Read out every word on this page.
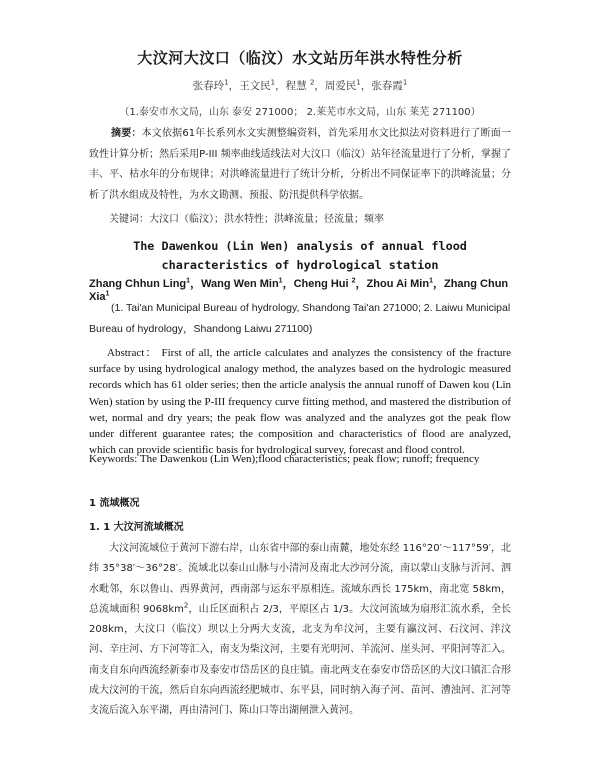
大汶河大汶口（临汶）水文站历年洪水特性分析
张春玲$^1$，王文民$^1$，程慧 $^2$，周爱民$^1$，张春霞$^1$
（1.泰安市水文局，山东 泰安 271000； 2.莱芜市水文局，山东 莱芜 271100）
摘要：本文依据61年长系列水文实测整编资料，首先采用水文比拟法对资料进行了断面一致性计算分析；然后采用P-III 频率曲线适线法对大汶口（临汶）站年径流量进行了分析，掌握了丰、平、枯水年的分布规律；对洪峰流量进行了统计分析，分析出不同保证率下的洪峰流量；分析了洪水组成及特性，为水文勘测、预报、防汛提供科学依据。
关键词：大汶口（临汶）；洪水特性；洪峰流量；径流量；频率
The Dawenkou (Lin Wen) analysis of annual flood characteristics of hydrological station
Zhang Chhun Ling$^1$，Wang Wen Min$^1$，Cheng Hui $^2$，Zhou Ai Min$^1$，Zhang Chun Xia$^1$
(1. Tai'an Municipal Bureau of hydrology, Shandong Tai'an 271000; 2. Laiwu Municipal Bureau of hydrology，Shandong Laiwu 271100)
Abstract： First of all, the article calculates and analyzes the consistency of the fracture surface by using hydrological analogy method, the analyzes based on the hydrologic measured records which has 61 older series; then the article analysis the annual runoff of Dawen kou (Lin Wen) station by using the P-III frequency curve fitting method, and mastered the distribution of wet, normal and dry years; the peak flow was analyzed and the analyzes got the peak flow under different guarantee rates; the composition and characteristics of flood are analyzed, which can provide scientific basis for hydrological survey, forecast and flood control.
Keywords: The Dawenkou (Lin Wen);flood characteristics; peak flow; runoff; frequency
1 流域概况
1. 1 大汶河流域概况
大汶河流域位于黄河下游右岸，山东省中部的泰山南麓，地处东经 116°20′～117°59′，北纬 35°38′～36°28′。流域北以泰山山脉与小清河及南北大沙河分流，南以蒙山支脉与沂河、泗水毗邻，东以鲁山、西界黄河，西南部与运东平原相连。流域东西长 175km，南北宽 58km，总流域面积 $9068km^2$，山丘区面积占 2/3，平原区占 1/3。大汶河流域为扇形汇流水系，全长 208km，大汶口（临汶）坝以上分两大支流，北支为牟汶河，主要有瀛汶河、石汶河、泮汶河、辛庄河、方下河等汇入，南支为柴汶河，主要有光明河、羊流河、崖头河、平阳河等汇入。南支自东向西流经新泰市及泰安市岱岳区的良庄镇。南北两支在泰安市岱岳区的大汶口镇汇合形成大汶河的干流，然后自东向西流经肥城市、东平县，同时纳入海子河、苗河、漕浊河、汇河等支流后流入东平湖，再由清河门、陈山口等出湖闸泄入黄河。
